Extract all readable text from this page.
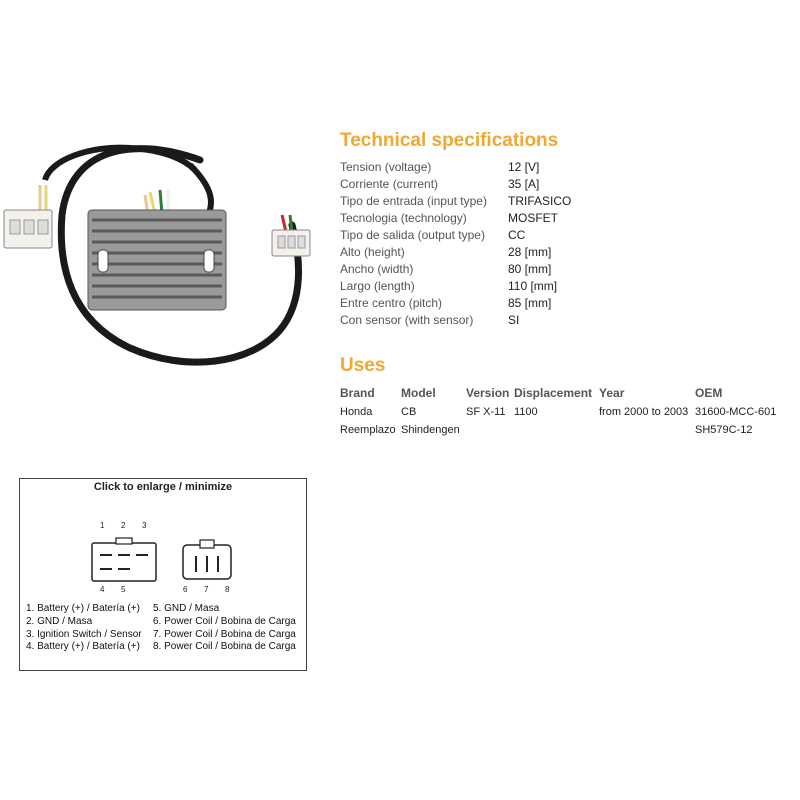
Technical specifications
Tension (voltage)	12 [V]
Corriente (current)	35 [A]
Tipo de entrada (input type)	TRIFASICO
Tecnologia (technology)	MOSFET
Tipo de salida (output type)	CC
Alto (height)	28 [mm]
Ancho (width)	80 [mm]
Largo (length)	110 [mm]
Entre centro (pitch)	85 [mm]
Con sensor (with sensor)	SI
Uses
Brand	Model	Version	Displacement	Year	OEM
Honda	CB	SF X-11	1100	from 2000 to 2003	31600-MCC-601
Reemplazo	Shindengen				SH579C-12
Click to enlarge / minimize
1 2 3
4 5	6 7 8
1. Battery (+) / Batería (+)
2. GND / Masa
3. Ignition Switch / Sensor
4. Battery (+) / Batería (+)
5. GND / Masa
6. Power Coil / Bobina de Carga
7. Power Coil / Bobina de Carga
8. Power Coil / Bobina de Carga
